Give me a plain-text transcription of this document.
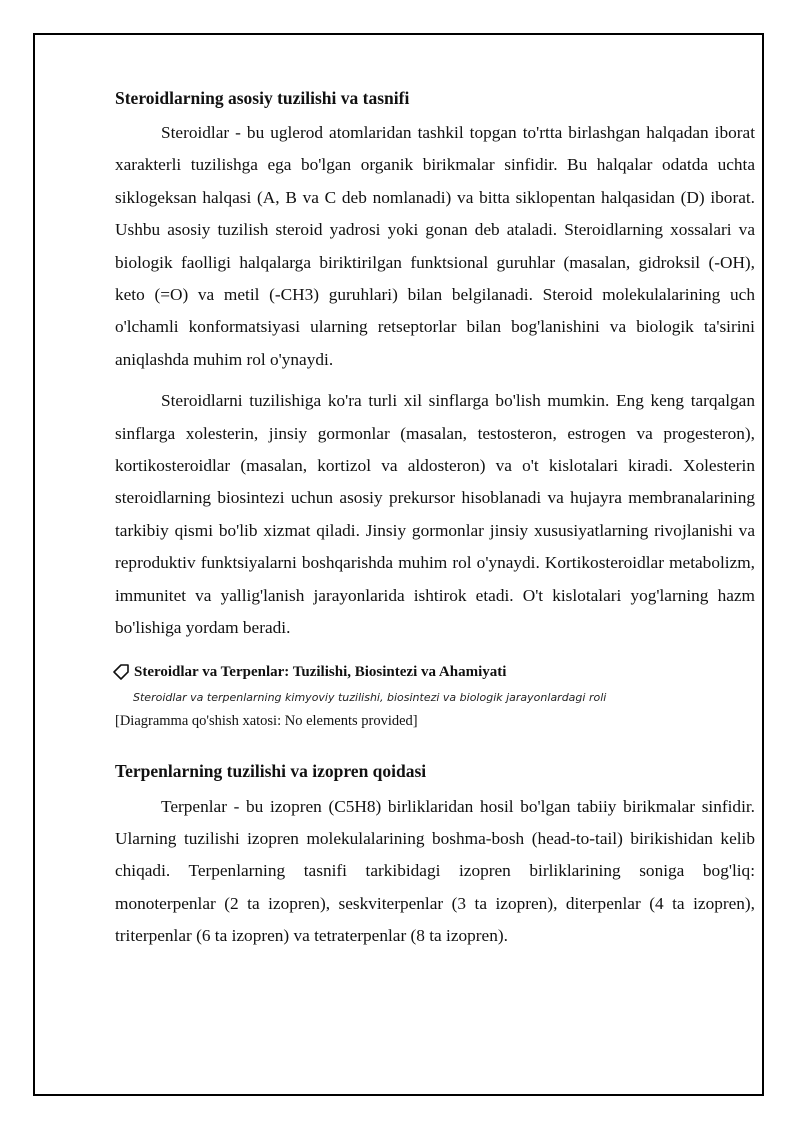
Steroidlarning asosiy tuzilishi va tasnifi

Steroidlar - bu uglerod atomlaridan tashkil topgan to'rtta birlashgan halqadan iborat xarakterli tuzilishga ega bo'lgan organik birikmalar sinfidir. Bu halqalar odatda uchta siklogeksan halqasi (A, B va C deb nomlanadi) va bitta siklopentan halqasidan (D) iborat. Ushbu asosiy tuzilish steroid yadrosi yoki gonan deb ataladi. Steroidlarning xossalari va biologik faolligi halqalarga biriktirilgan funktsional guruhlar (masalan, gidroksil (-OH), keto (=O) va metil (-CH3) guruhlari) bilan belgilanadi. Steroid molekulalarining uch o'lchamli konformatsiyasi ularning retseptorlar bilan bog'lanishini va biologik ta'sirini aniqlashda muhim rol o'ynaydi.

Steroidlarni tuzilishiga ko'ra turli xil sinflarga bo'lish mumkin. Eng keng tarqalgan sinflarga xolesterin, jinsiy gormonlar (masalan, testosteron, estrogen va progesteron), kortikosteroidlar (masalan, kortizol va aldosteron) va o't kislotalari kiradi. Xolesterin steroidlarning biosintezi uchun asosiy prekursor hisoblanadi va hujayra membranalarining tarkibiy qismi bo'lib xizmat qiladi. Jinsiy gormonlar jinsiy xususiyatlarning rivojlanishi va reproduktiv funktsiyalarni boshqarishda muhim rol o'ynaydi. Kortikosteroidlar metabolizm, immunitet va yallig'lanish jarayonlarida ishtirok etadi. O't kislotalari yog'larning hazm bo'lishiga yordam beradi.

Steroidlar va Terpenlar: Tuzilishi, Biosintezi va Ahamiyati
Steroidlar va terpenlarning kimyoviy tuzilishi, biosintezi va biologik jarayonlardagi roli
[Diagramma qo'shish xatosi: No elements provided]
Terpenlarning tuzilishi va izopren qoidasi

Terpenlar - bu izopren (C5H8) birliklaridan hosil bo'lgan tabiiy birikmalar sinfidir. Ularning tuzilishi izopren molekulalarining boshma-bosh (head-to-tail) birikishidan kelib chiqadi. Terpenlarning tasnifi tarkibidagi izopren birliklarining soniga bog'liq: monoterpenlar (2 ta izopren), seskviterpenlar (3 ta izopren), diterpenlar (4 ta izopren), triterpenlar (6 ta izopren) va tetraterpenlar (8 ta izopren).
